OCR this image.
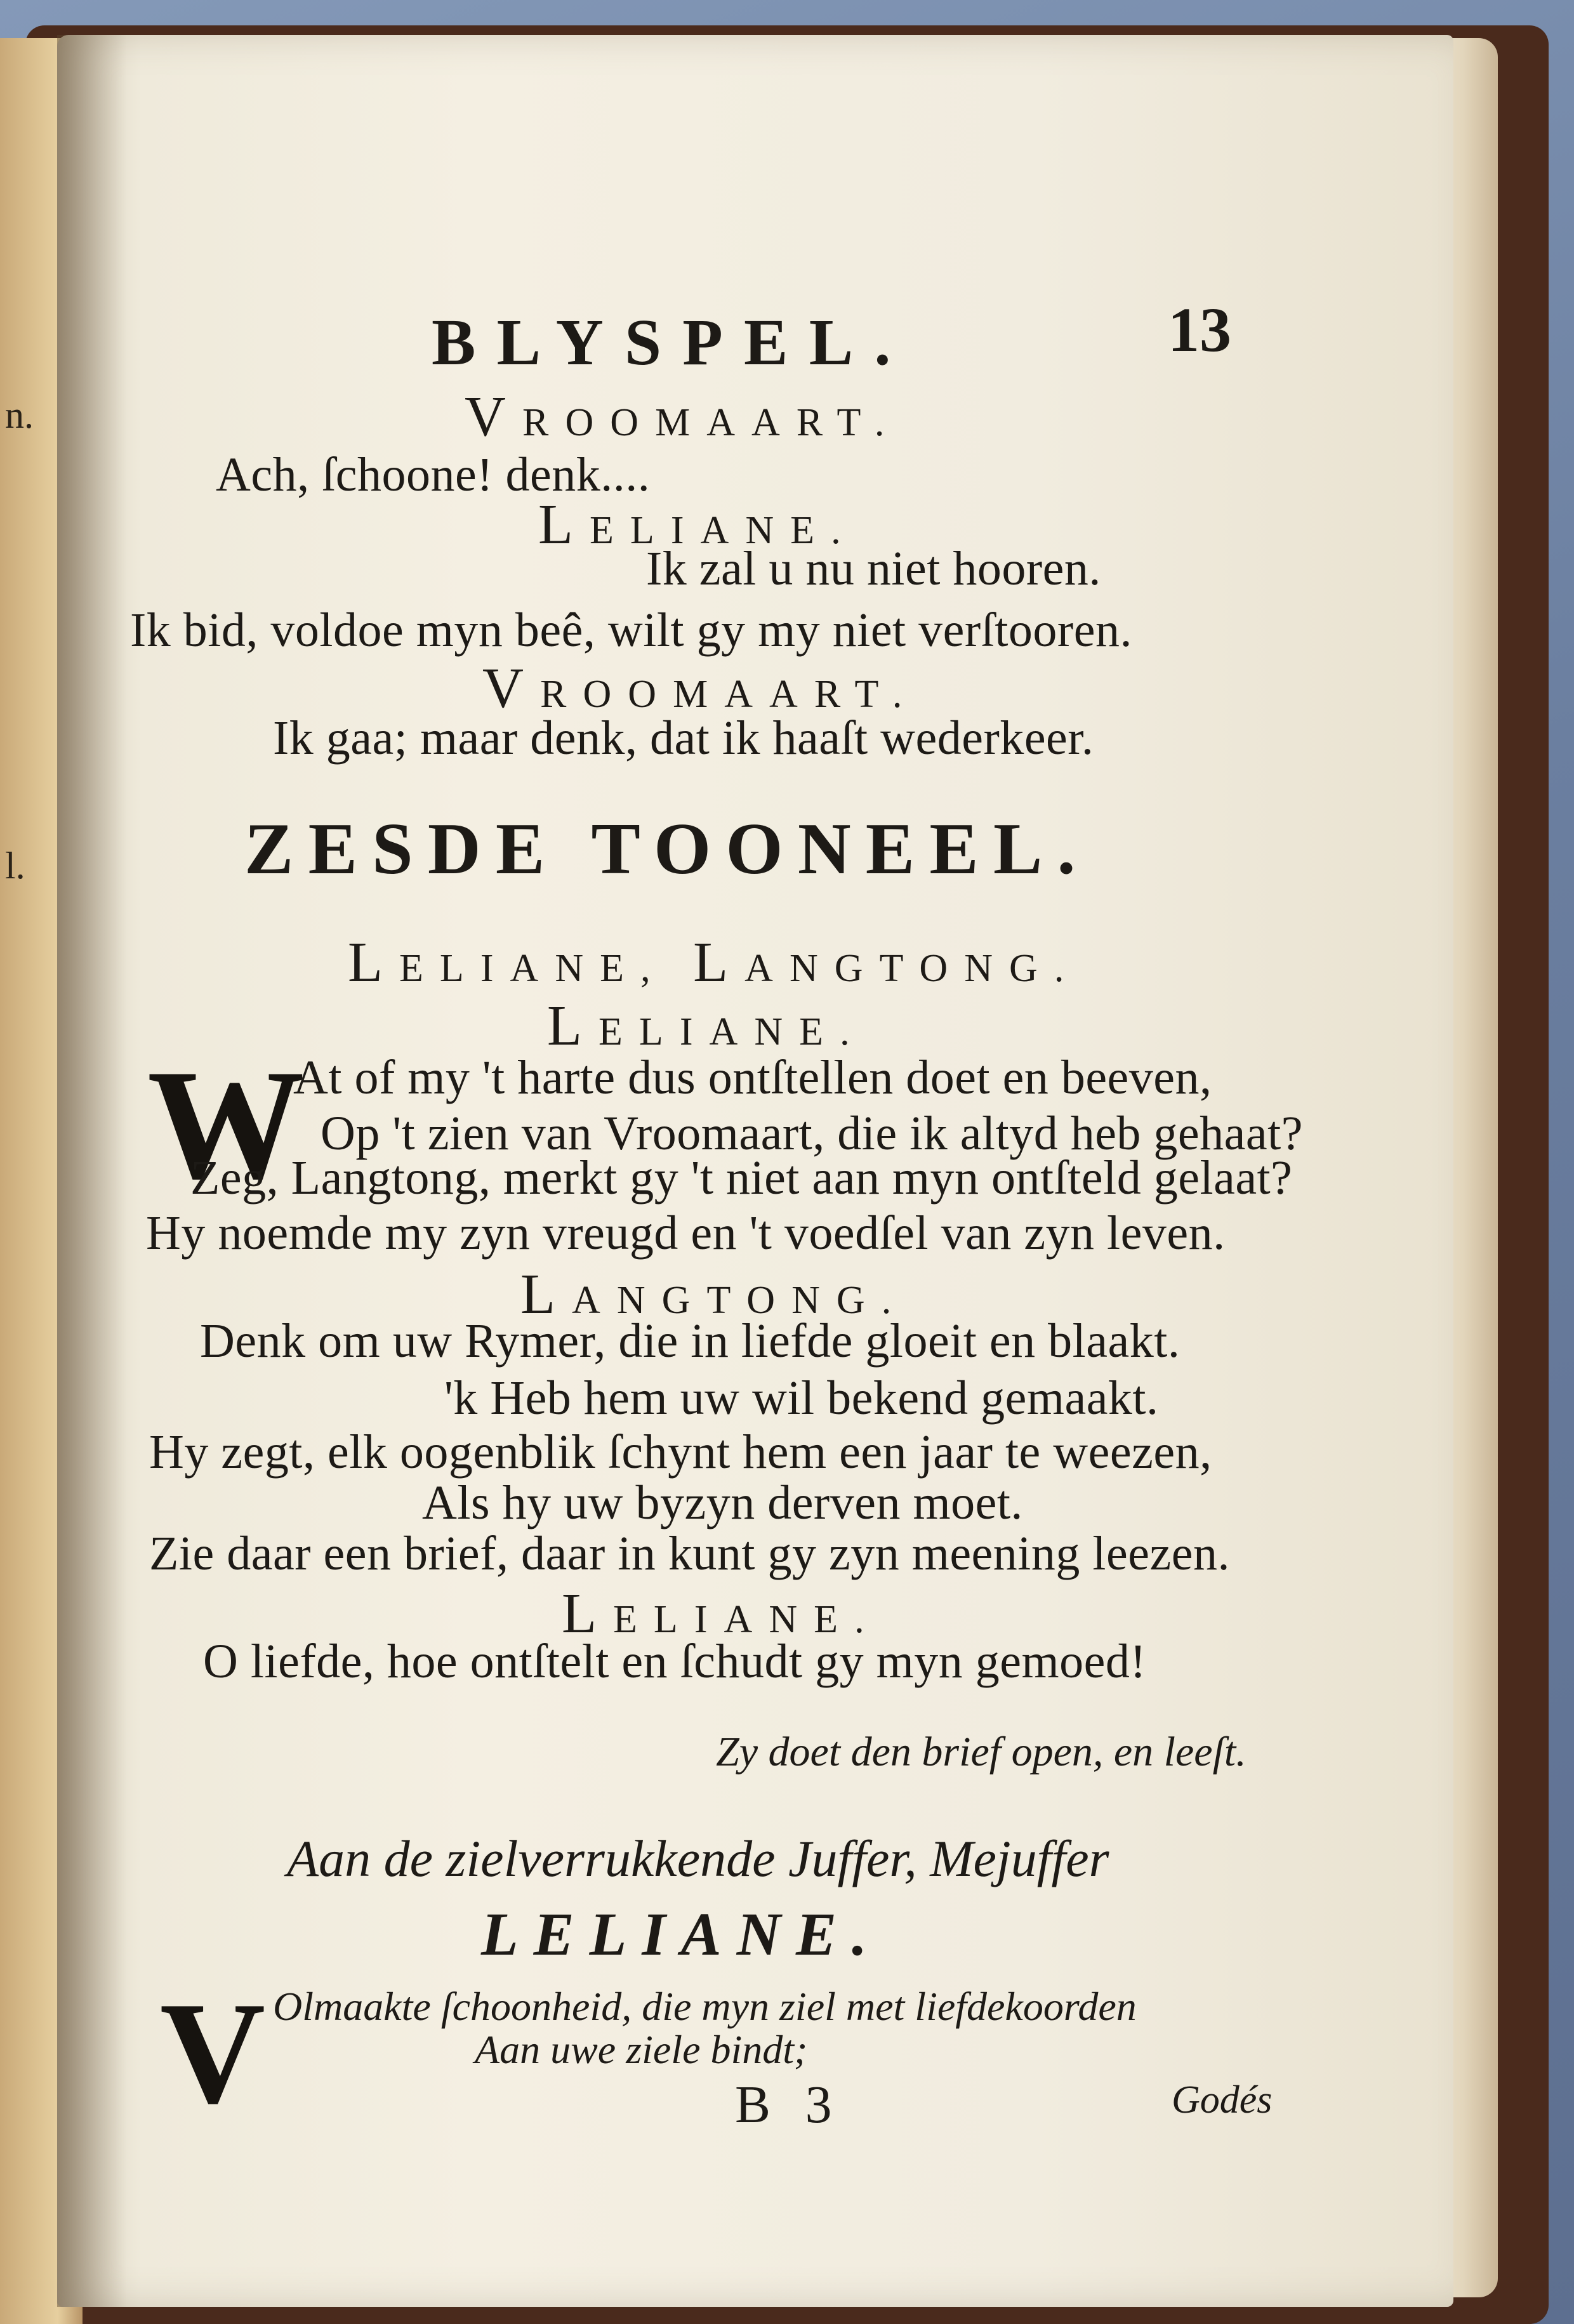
n.
l.
BLYSPEL.	13
VROOMAART.
Ach, ſchoone! denk....
LELIANE.
Ik zal u nu niet hooren.
Ik bid, voldoe myn beê, wilt gy my niet verſtooren.
VROOMAART.
Ik gaa; maar denk, dat ik haaſt wederkeer.
ZESDE TOONEEL.
LELIANE, LANGTONG.
LELIANE.
W
At of my 't harte dus ontſtellen doet en beeven,
Op 't zien van Vroomaart, die ik altyd heb gehaat?
Zeg, Langtong, merkt gy 't niet aan myn ontſteld gelaat?
Hy noemde my zyn vreugd en 't voedſel van zyn leven.
LANGTONG.
Denk om uw Rymer, die in liefde gloeit en blaakt.
'k Heb hem uw wil bekend gemaakt.
Hy zegt, elk oogenblik ſchynt hem een jaar te weezen,
Als hy uw byzyn derven moet.
Zie daar een brief, daar in kunt gy zyn meening leezen.
LELIANE.
O liefde, hoe ontſtelt en ſchudt gy myn gemoed!
Zy doet den brief open, en leeſt.
Aan de zielverrukkende Juffer, Mejuffer
LELIANE.
V Olmaakte ſchoonheid, die myn ziel met liefdekoorden
Aan uwe ziele bindt;
B 3	Godés
